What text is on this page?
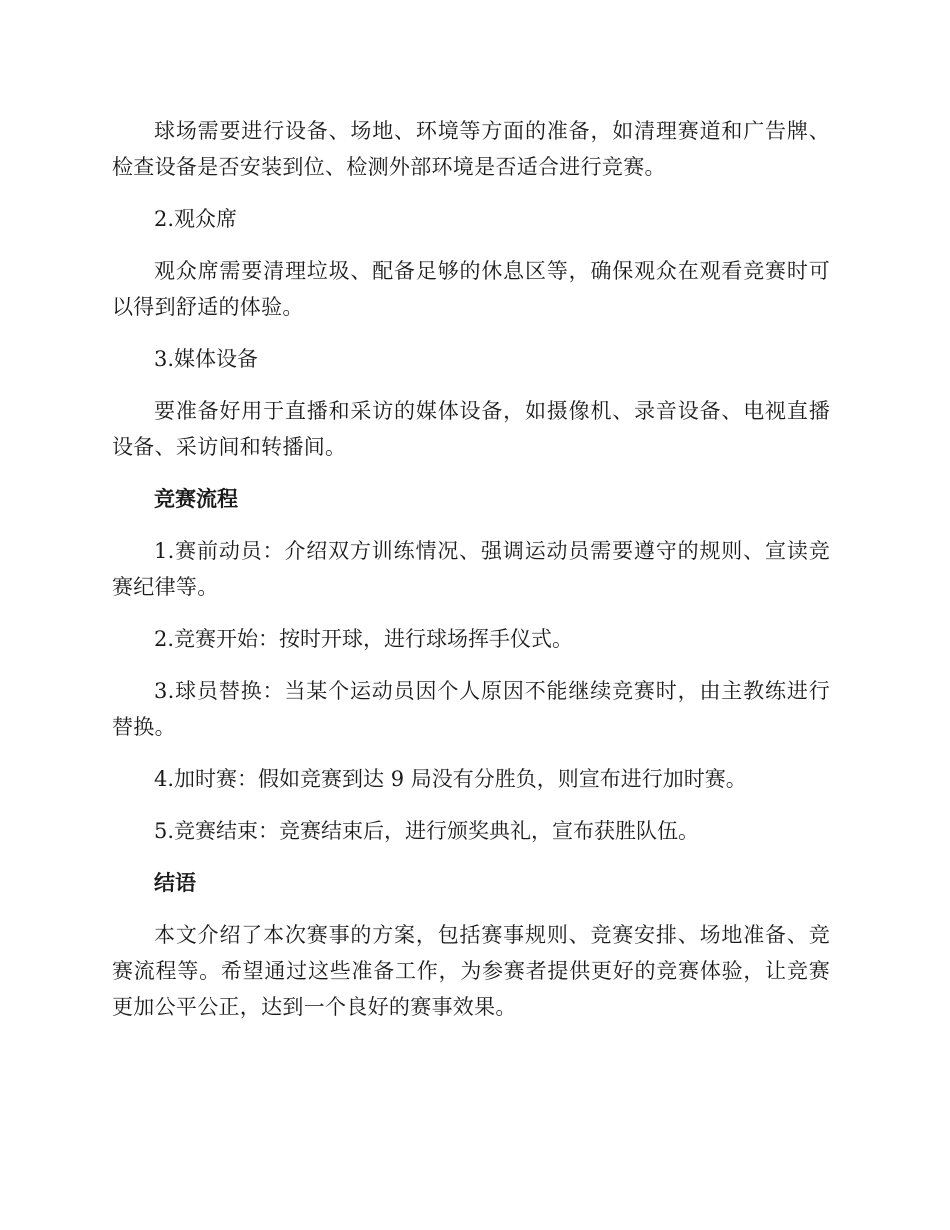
球场需要进行设备、场地、环境等方面的准备，如清理赛道和广告牌、检查设备是否安装到位、检测外部环境是否适合进行竞赛。

2.观众席

观众席需要清理垃圾、配备足够的休息区等，确保观众在观看竞赛时可以得到舒适的体验。

3.媒体设备

要准备好用于直播和采访的媒体设备，如摄像机、录音设备、电视直播设备、采访间和转播间。

竞赛流程

1.赛前动员：介绍双方训练情况、强调运动员需要遵守的规则、宣读竞赛纪律等。

2.竞赛开始：按时开球，进行球场挥手仪式。

3.球员替换：当某个运动员因个人原因不能继续竞赛时，由主教练进行替换。

4.加时赛：假如竞赛到达 9 局没有分胜负，则宣布进行加时赛。

5.竞赛结束：竞赛结束后，进行颁奖典礼，宣布获胜队伍。

结语

本文介绍了本次赛事的方案，包括赛事规则、竞赛安排、场地准备、竞赛流程等。希望通过这些准备工作，为参赛者提供更好的竞赛体验，让竞赛更加公平公正，达到一个良好的赛事效果。
